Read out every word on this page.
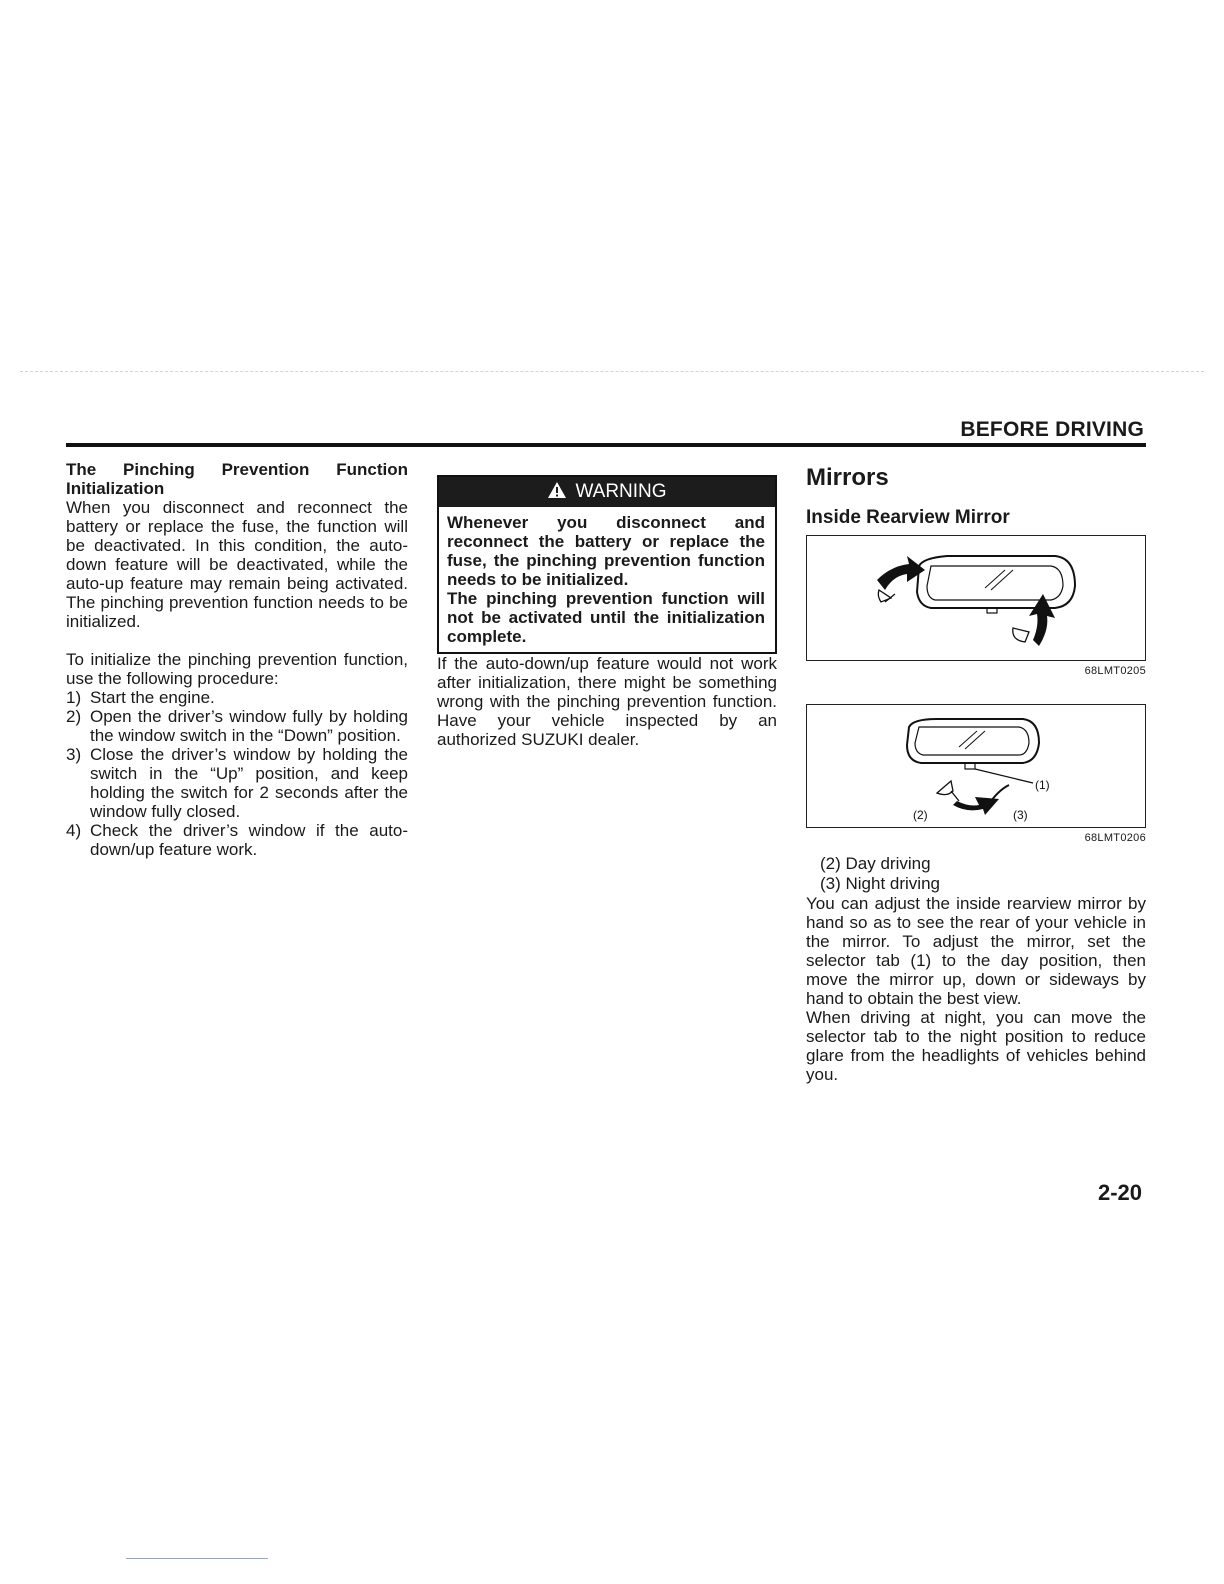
BEFORE DRIVING

The Pinching Prevention Function Initialization

When you disconnect and reconnect the battery or replace the fuse, the function will be deactivated. In this condition, the auto-down feature will be deactivated, while the auto-up feature may remain being activated. The pinching prevention function needs to be initialized.

To initialize the pinching prevention function, use the following procedure:

1) Start the engine.
2) Open the driver’s window fully by holding the window switch in the “Down” position.
3) Close the driver’s window by holding the switch in the “Up” position, and keep holding the switch for 2 seconds after the window fully closed.
4) Check the driver’s window if the auto-down/up feature work.
WARNING

Whenever you disconnect and reconnect the battery or replace the fuse, the pinching prevention function needs to be initialized.

The pinching prevention function will not be activated until the initialization complete.

If the auto-down/up feature would not work after initialization, there might be something wrong with the pinching prevention function. Have your vehicle inspected by an authorized SUZUKI dealer.

Mirrors
Inside Rearview Mirror
68LMT0205
(1)
(2)	(3)
68LMT0206
(2) Day driving
(3) Night driving

You can adjust the inside rearview mirror by hand so as to see the rear of your vehicle in the mirror. To adjust the mirror, set the selector tab (1) to the day position, then move the mirror up, down or sideways by hand to obtain the best view.

When driving at night, you can move the selector tab to the night position to reduce glare from the headlights of vehicles behind you.

2-20
